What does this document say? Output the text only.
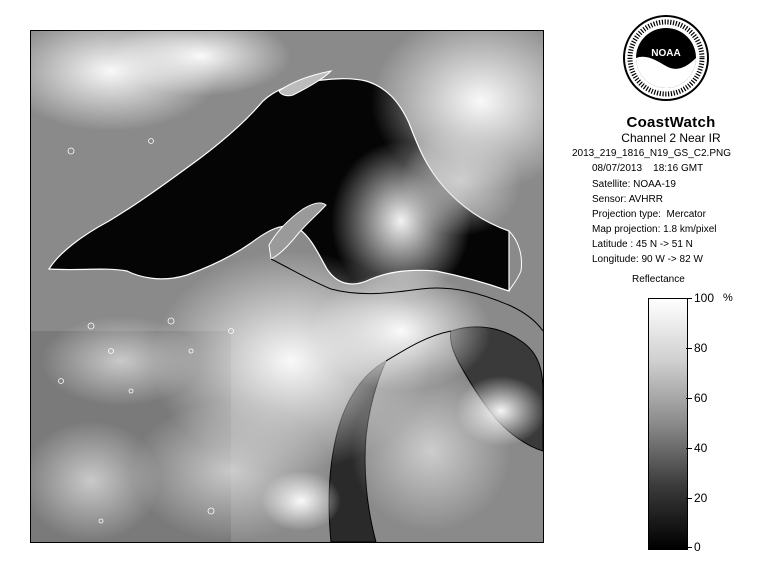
NOAA
CoastWatch
Channel 2 Near IR
2013_219_1816_N19_GS_C2.PNG
08/07/2013    18:16 GMT
Satellite: NOAA-19
Sensor: AVHRR
Projection type:  Mercator
Map projection: 1.8 km/pixel
Latitude : 45 N -> 51 N
Longitude: 90 W -> 82 W
Reflectance
%
100
80
60
40
20
0
